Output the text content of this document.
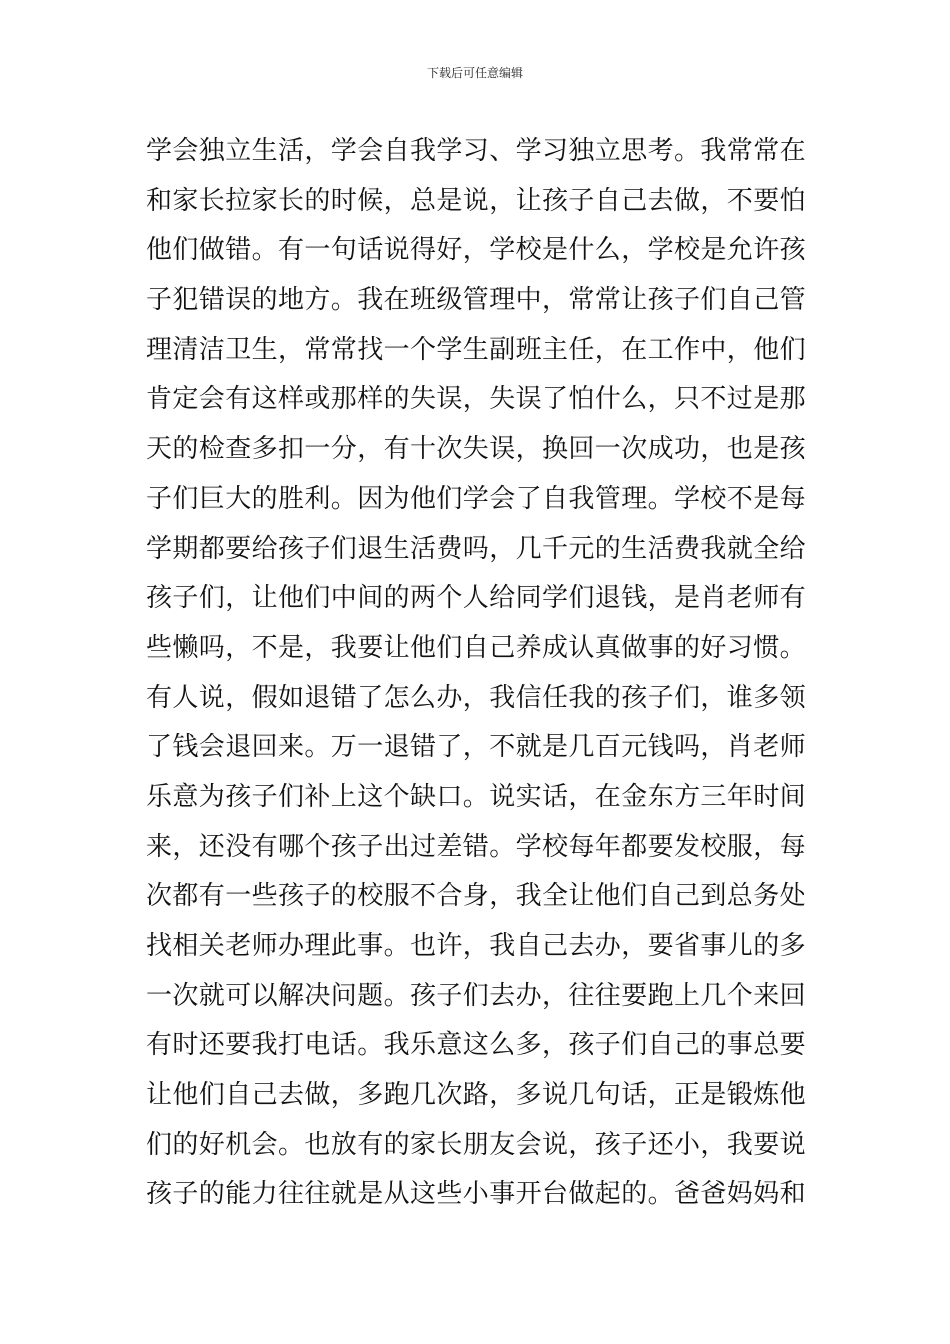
下载后可任意编辑
学会独立生活，学会自我学习、学习独立思考。我常常在
和家长拉家长的时候，总是说，让孩子自己去做，不要怕
他们做错。有一句话说得好，学校是什么，学校是允许孩
子犯错误的地方。我在班级管理中，常常让孩子们自己管
理清洁卫生，常常找一个学生副班主任，在工作中，他们
肯定会有这样或那样的失误，失误了怕什么，只不过是那
天的检查多扣一分，有十次失误，换回一次成功，也是孩
子们巨大的胜利。因为他们学会了自我管理。学校不是每
学期都要给孩子们退生活费吗，几千元的生活费我就全给
孩子们，让他们中间的两个人给同学们退钱，是肖老师有
些懒吗，不是，我要让他们自己养成认真做事的好习惯。
有人说，假如退错了怎么办，我信任我的孩子们，谁多领
了钱会退回来。万一退错了，不就是几百元钱吗，肖老师
乐意为孩子们补上这个缺口。说实话，在金东方三年时间
来，还没有哪个孩子出过差错。学校每年都要发校服，每
次都有一些孩子的校服不合身，我全让他们自己到总务处
找相关老师办理此事。也许，我自己去办，要省事儿的多
一次就可以解决问题。孩子们去办，往往要跑上几个来回
有时还要我打电话。我乐意这么多，孩子们自己的事总要
让他们自己去做，多跑几次路，多说几句话，正是锻炼他
们的好机会。也放有的家长朋友会说，孩子还小，我要说
孩子的能力往往就是从这些小事开台做起的。爸爸妈妈和
